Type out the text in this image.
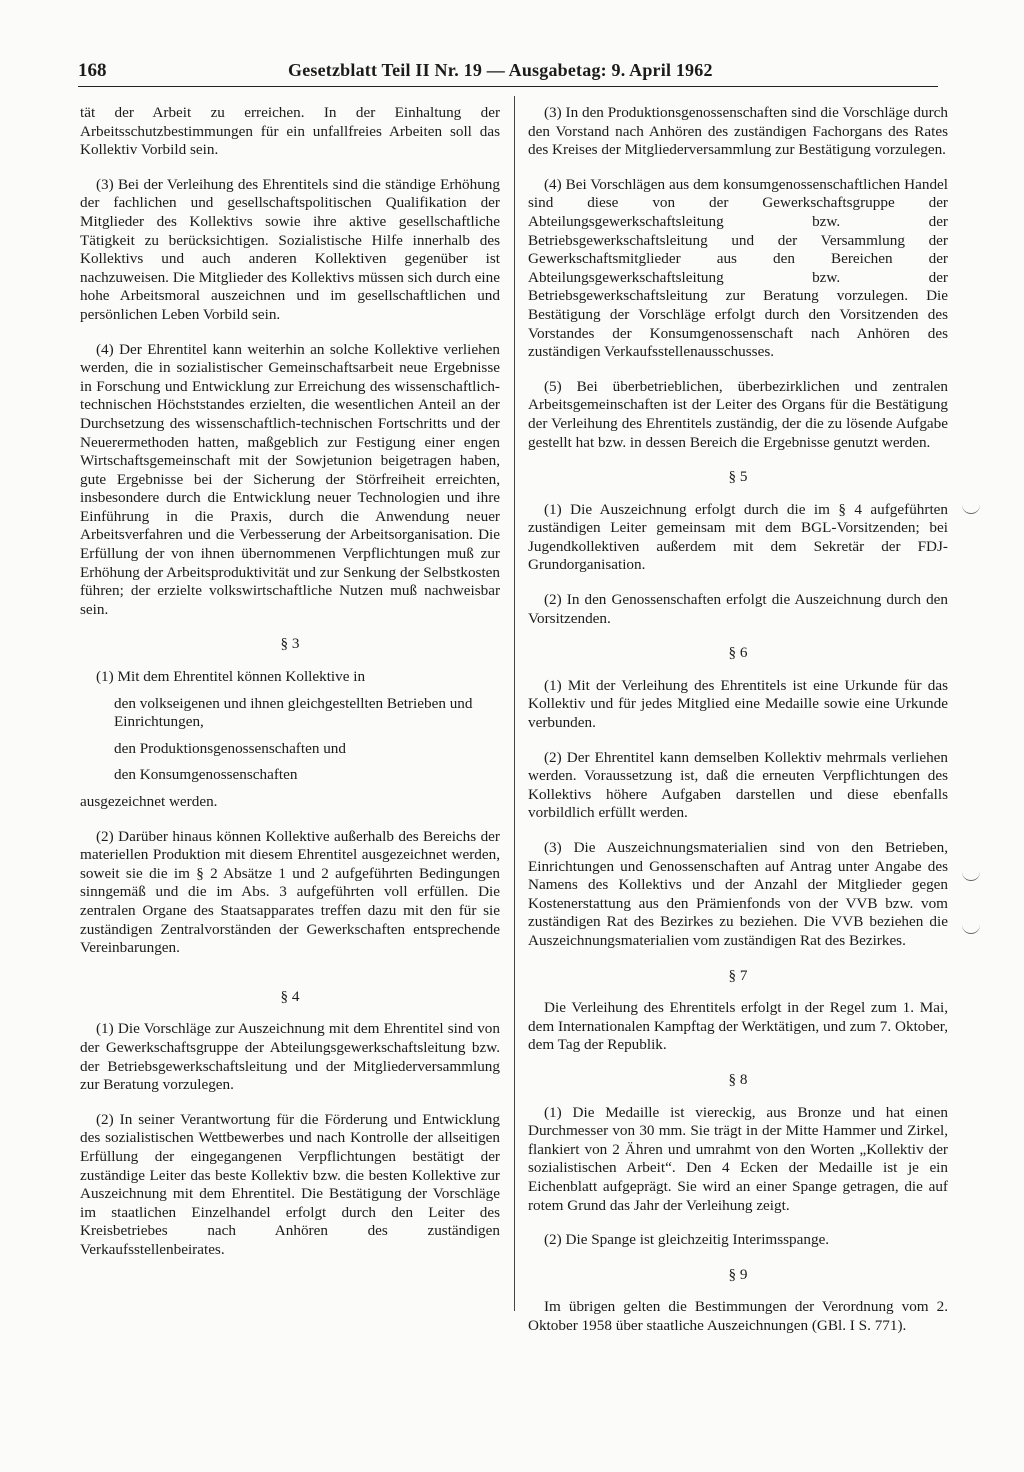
168	Gesetzblatt Teil II Nr. 19 — Ausgabetag: 9. April 1962

tät der Arbeit zu erreichen. In der Einhaltung der Arbeitsschutzbestimmungen für ein unfallfreies Arbeiten soll das Kollektiv Vorbild sein.

(3) Bei der Verleihung des Ehrentitels sind die ständige Erhöhung der fachlichen und gesellschaftspolitischen Qualifikation der Mitglieder des Kollektivs sowie ihre aktive gesellschaftliche Tätigkeit zu berücksichtigen. Sozialistische Hilfe innerhalb des Kollektivs und auch anderen Kollektiven gegenüber ist nachzuweisen. Die Mitglieder des Kollektivs müssen sich durch eine hohe Arbeitsmoral auszeichnen und im gesellschaftlichen und persönlichen Leben Vorbild sein.

(4) Der Ehrentitel kann weiterhin an solche Kollektive verliehen werden, die in sozialistischer Gemeinschaftsarbeit neue Ergebnisse in Forschung und Entwicklung zur Erreichung des wissenschaftlich-technischen Höchststandes erzielten, die wesentlichen Anteil an der Durchsetzung des wissenschaftlich-technischen Fortschritts und der Neuerermethoden hatten, maßgeblich zur Festigung einer engen Wirtschaftsgemeinschaft mit der Sowjetunion beigetragen haben, gute Ergebnisse bei der Sicherung der Störfreiheit erreichten, insbesondere durch die Entwicklung neuer Technologien und ihre Einführung in die Praxis, durch die Anwendung neuer Arbeitsverfahren und die Verbesserung der Arbeitsorganisation. Die Erfüllung der von ihnen übernommenen Verpflichtungen muß zur Erhöhung der Arbeitsproduktivität und zur Senkung der Selbstkosten führen; der erzielte volkswirtschaftliche Nutzen muß nachweisbar sein.

§ 3

(1) Mit dem Ehrentitel können Kollektive in

den volkseigenen und ihnen gleichgestellten Betrieben und Einrichtungen,
den Produktionsgenossenschaften und
den Konsumgenossenschaften

ausgezeichnet werden.

(2) Darüber hinaus können Kollektive außerhalb des Bereichs der materiellen Produktion mit diesem Ehrentitel ausgezeichnet werden, soweit sie die im § 2 Absätze 1 und 2 aufgeführten Bedingungen sinngemäß und die im Abs. 3 aufgeführten voll erfüllen. Die zentralen Organe des Staatsapparates treffen dazu mit den für sie zuständigen Zentralvorständen der Gewerkschaften entsprechende Vereinbarungen.

§ 4

(1) Die Vorschläge zur Auszeichnung mit dem Ehrentitel sind von der Gewerkschaftsgruppe der Abteilungsgewerkschaftsleitung bzw. der Betriebsgewerkschaftsleitung und der Mitgliederversammlung zur Beratung vorzulegen.

(2) In seiner Verantwortung für die Förderung und Entwicklung des sozialistischen Wettbewerbes und nach Kontrolle der allseitigen Erfüllung der eingegangenen Verpflichtungen bestätigt der zuständige Leiter das beste Kollektiv bzw. die besten Kollektive zur Auszeichnung mit dem Ehrentitel. Die Bestätigung der Vorschläge im staatlichen Einzelhandel erfolgt durch den Leiter des Kreisbetriebes nach Anhören des zuständigen Verkaufsstellenbeirates.

(3) In den Produktionsgenossenschaften sind die Vorschläge durch den Vorstand nach Anhören des zuständigen Fachorgans des Rates des Kreises der Mitgliederversammlung zur Bestätigung vorzulegen.

(4) Bei Vorschlägen aus dem konsumgenossenschaftlichen Handel sind diese von der Gewerkschaftsgruppe der Abteilungsgewerkschaftsleitung bzw. der Betriebsgewerkschaftsleitung und der Versammlung der Gewerkschaftsmitglieder aus den Bereichen der Abteilungsgewerkschaftsleitung bzw. der Betriebsgewerkschaftsleitung zur Beratung vorzulegen. Die Bestätigung der Vorschläge erfolgt durch den Vorsitzenden des Vorstandes der Konsumgenossenschaft nach Anhören des zuständigen Verkaufsstellenausschusses.

(5) Bei überbetrieblichen, überbezirklichen und zentralen Arbeitsgemeinschaften ist der Leiter des Organs für die Bestätigung der Verleihung des Ehrentitels zuständig, der die zu lösende Aufgabe gestellt hat bzw. in dessen Bereich die Ergebnisse genutzt werden.

§ 5

(1) Die Auszeichnung erfolgt durch die im § 4 aufgeführten zuständigen Leiter gemeinsam mit dem BGL-Vorsitzenden; bei Jugendkollektiven außerdem mit dem Sekretär der FDJ-Grundorganisation.

(2) In den Genossenschaften erfolgt die Auszeichnung durch den Vorsitzenden.

§ 6

(1) Mit der Verleihung des Ehrentitels ist eine Urkunde für das Kollektiv und für jedes Mitglied eine Medaille sowie eine Urkunde verbunden.

(2) Der Ehrentitel kann demselben Kollektiv mehrmals verliehen werden. Voraussetzung ist, daß die erneuten Verpflichtungen des Kollektivs höhere Aufgaben darstellen und diese ebenfalls vorbildlich erfüllt werden.

(3) Die Auszeichnungsmaterialien sind von den Betrieben, Einrichtungen und Genossenschaften auf Antrag unter Angabe des Namens des Kollektivs und der Anzahl der Mitglieder gegen Kostenerstattung aus den Prämienfonds von der VVB bzw. vom zuständigen Rat des Bezirkes zu beziehen. Die VVB beziehen die Auszeichnungsmaterialien vom zuständigen Rat des Bezirkes.

§ 7

Die Verleihung des Ehrentitels erfolgt in der Regel zum 1. Mai, dem Internationalen Kampftag der Werktätigen, und zum 7. Oktober, dem Tag der Republik.

§ 8

(1) Die Medaille ist viereckig, aus Bronze und hat einen Durchmesser von 30 mm. Sie trägt in der Mitte Hammer und Zirkel, flankiert von 2 Ähren und umrahmt von den Worten „Kollektiv der sozialistischen Arbeit“. Den 4 Ecken der Medaille ist je ein Eichenblatt aufgeprägt. Sie wird an einer Spange getragen, die auf rotem Grund das Jahr der Verleihung zeigt.

(2) Die Spange ist gleichzeitig Interimsspange.

§ 9

Im übrigen gelten die Bestimmungen der Verordnung vom 2. Oktober 1958 über staatliche Auszeichnungen (GBl. I S. 771).
